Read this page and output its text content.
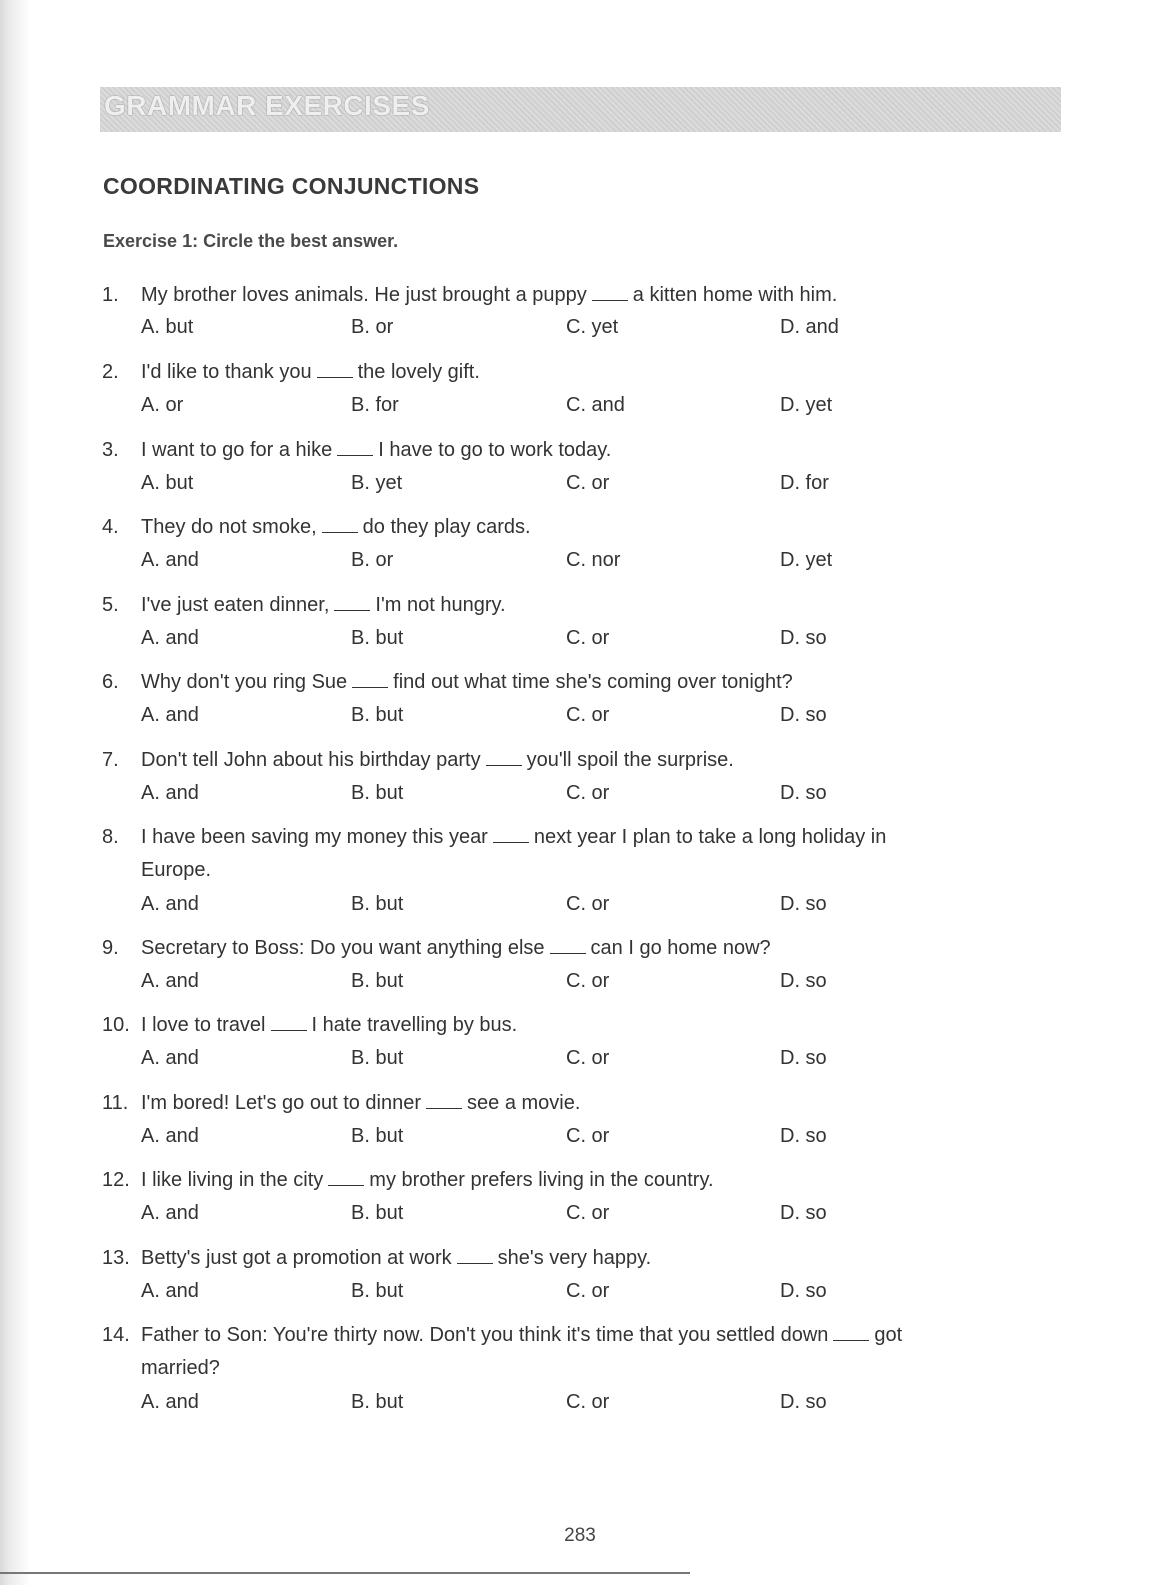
GRAMMAR EXERCISES
COORDINATING CONJUNCTIONS
Exercise 1: Circle the best answer.
1. My brother loves animals. He just brought a puppy a kitten home with him.
A. but	B. or	C. yet	D. and
2. I'd like to thank you the lovely gift.
A. or	B. for	C. and	D. yet
3. I want to go for a hike I have to go to work today.
A. but	B. yet	C. or	D. for
4. They do not smoke, do they play cards.
A. and	B. or	C. nor	D. yet
5. I've just eaten dinner, I'm not hungry.
A. and	B. but	C. or	D. so
6. Why don't you ring Sue find out what time she's coming over tonight?
A. and	B. but	C. or	D. so
7. Don't tell John about his birthday party you'll spoil the surprise.
A. and	B. but	C. or	D. so
8. I have been saving my money this year next year I plan to take a long holiday in
Europe.
A. and	B. but	C. or	D. so
9. Secretary to Boss: Do you want anything else can I go home now?
A. and	B. but	C. or	D. so
10. I love to travel I hate travelling by bus.
A. and	B. but	C. or	D. so
11. I'm bored! Let's go out to dinner see a movie.
A. and	B. but	C. or	D. so
12. I like living in the city my brother prefers living in the country.
A. and	B. but	C. or	D. so
13. Betty's just got a promotion at work she's very happy.
A. and	B. but	C. or	D. so
14. Father to Son: You're thirty now. Don't you think it's time that you settled down got
married?
A. and	B. but	C. or	D. so
283
